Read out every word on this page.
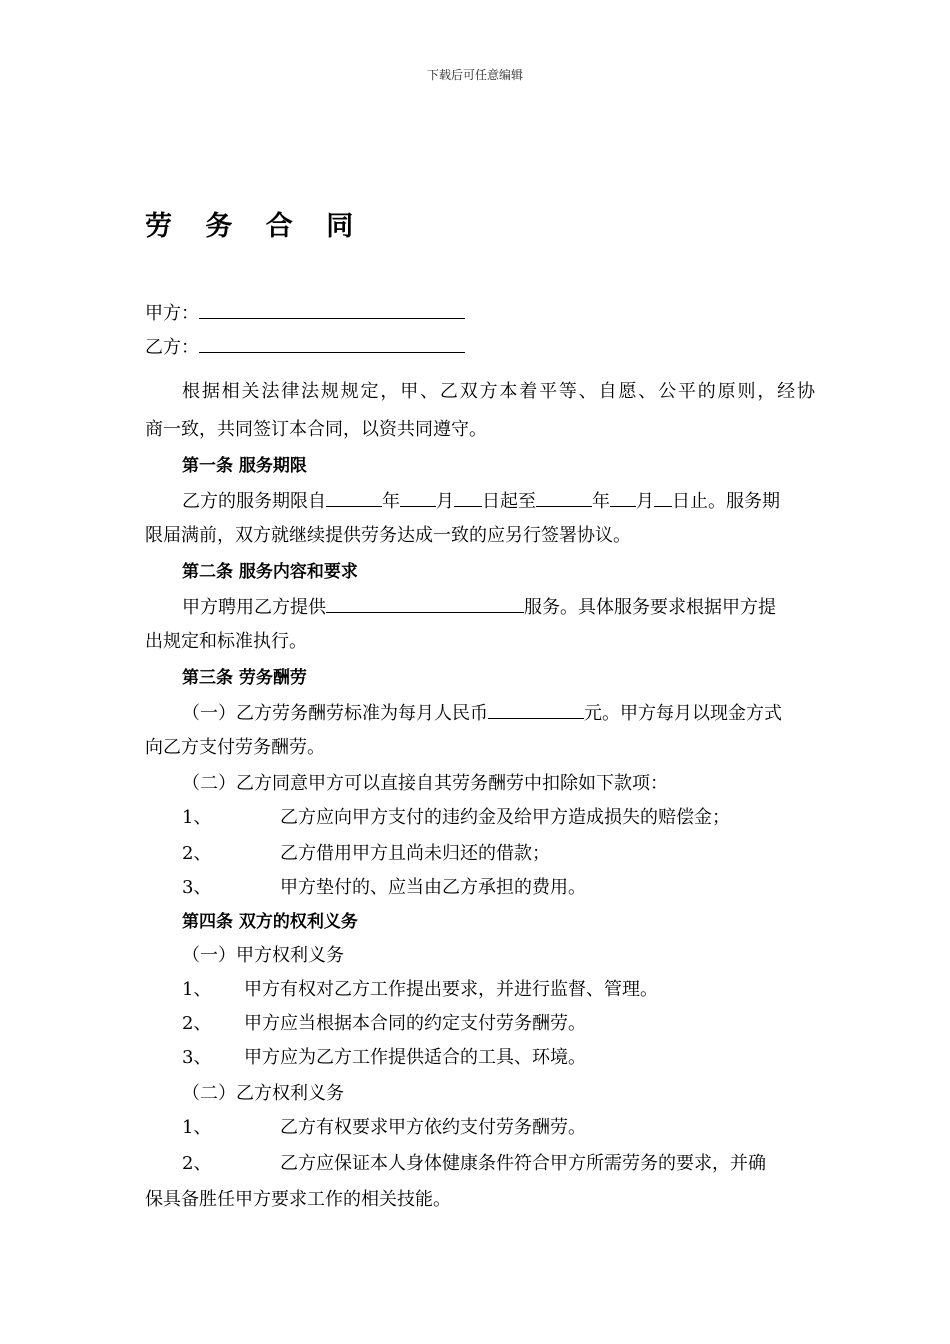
下载后可任意编辑
劳 务 合 同
甲方：
乙方：
根据相关法律法规规定，甲、乙双方本着平等、自愿、公平的原则，经协
商一致，共同签订本合同，以资共同遵守。
第一条 服务期限
乙方的服务期限自	年 月 日起至	年 月 日止。服务期
限届满前，双方就继续提供劳务达成一致的应另行签署协议。
第二条 服务内容和要求
甲方聘用乙方提供	服务。具体服务要求根据甲方提
出规定和标准执行。
第三条 劳务酬劳
（一）乙方劳务酬劳标准为每月人民币	元。甲方每月以现金方式
向乙方支付劳务酬劳。
（二）乙方同意甲方可以直接自其劳务酬劳中扣除如下款项：
1、	乙方应向甲方支付的违约金及给甲方造成损失的赔偿金；
2、	乙方借用甲方且尚未归还的借款；
3、	甲方垫付的、应当由乙方承担的费用。
第四条 双方的权利义务
（一）甲方权利义务
1、 甲方有权对乙方工作提出要求，并进行监督、管理。
2、 甲方应当根据本合同的约定支付劳务酬劳。
3、 甲方应为乙方工作提供适合的工具、环境。
（二）乙方权利义务
1、	乙方有权要求甲方依约支付劳务酬劳。
2、	乙方应保证本人身体健康条件符合甲方所需劳务的要求，并确
保具备胜任甲方要求工作的相关技能。
